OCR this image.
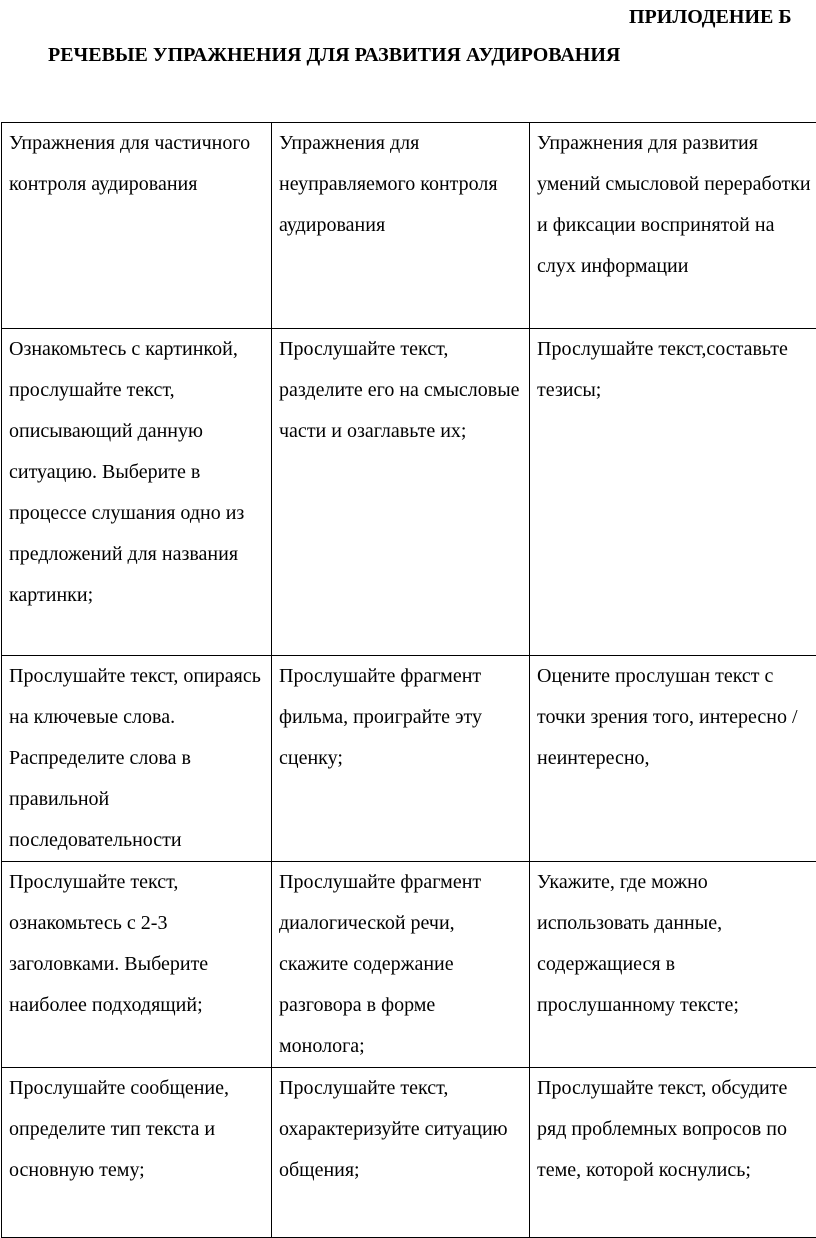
ПРИЛОДЕНИЕ Б
РЕЧЕВЫЕ УПРАЖНЕНИЯ ДЛЯ РАЗВИТИЯ АУДИРОВАНИЯ
Упражнения для частичного контроля аудирования	Упражнения для неуправляемого контроля аудирования	Упражнения для развития умений смысловой переработки и фиксации воспринятой на слух информации
Ознакомьтесь с картинкой, прослушайте текст, описывающий данную ситуацию. Выберите в процессе слушания одно из предложений для названия картинки;	Прослушайте текст, разделите его на смысловые части и озаглавьте их;	Прослушайте текст,составьте тезисы;
Прослушайте текст, опираясь на ключевые слова. Распределите слова в правильной последовательности	Прослушайте фрагмент фильма, проиграйте эту сценку;	Оцените прослушан текст с точки зрения того, интересно / неинтересно,
Прослушайте текст, ознакомьтесь с 2-3 заголовками. Выберите наиболее подходящий;	Прослушайте фрагмент диалогической речи, скажите содержание разговора в форме монолога;	Укажите, где можно использовать данные, содержащиеся в прослушанному тексте;
Прослушайте сообщение, определите тип текста и основную тему;	Прослушайте текст, охарактеризуйте ситуацию общения;	Прослушайте текст, обсудите ряд проблемных вопросов по теме, которой коснулись;
